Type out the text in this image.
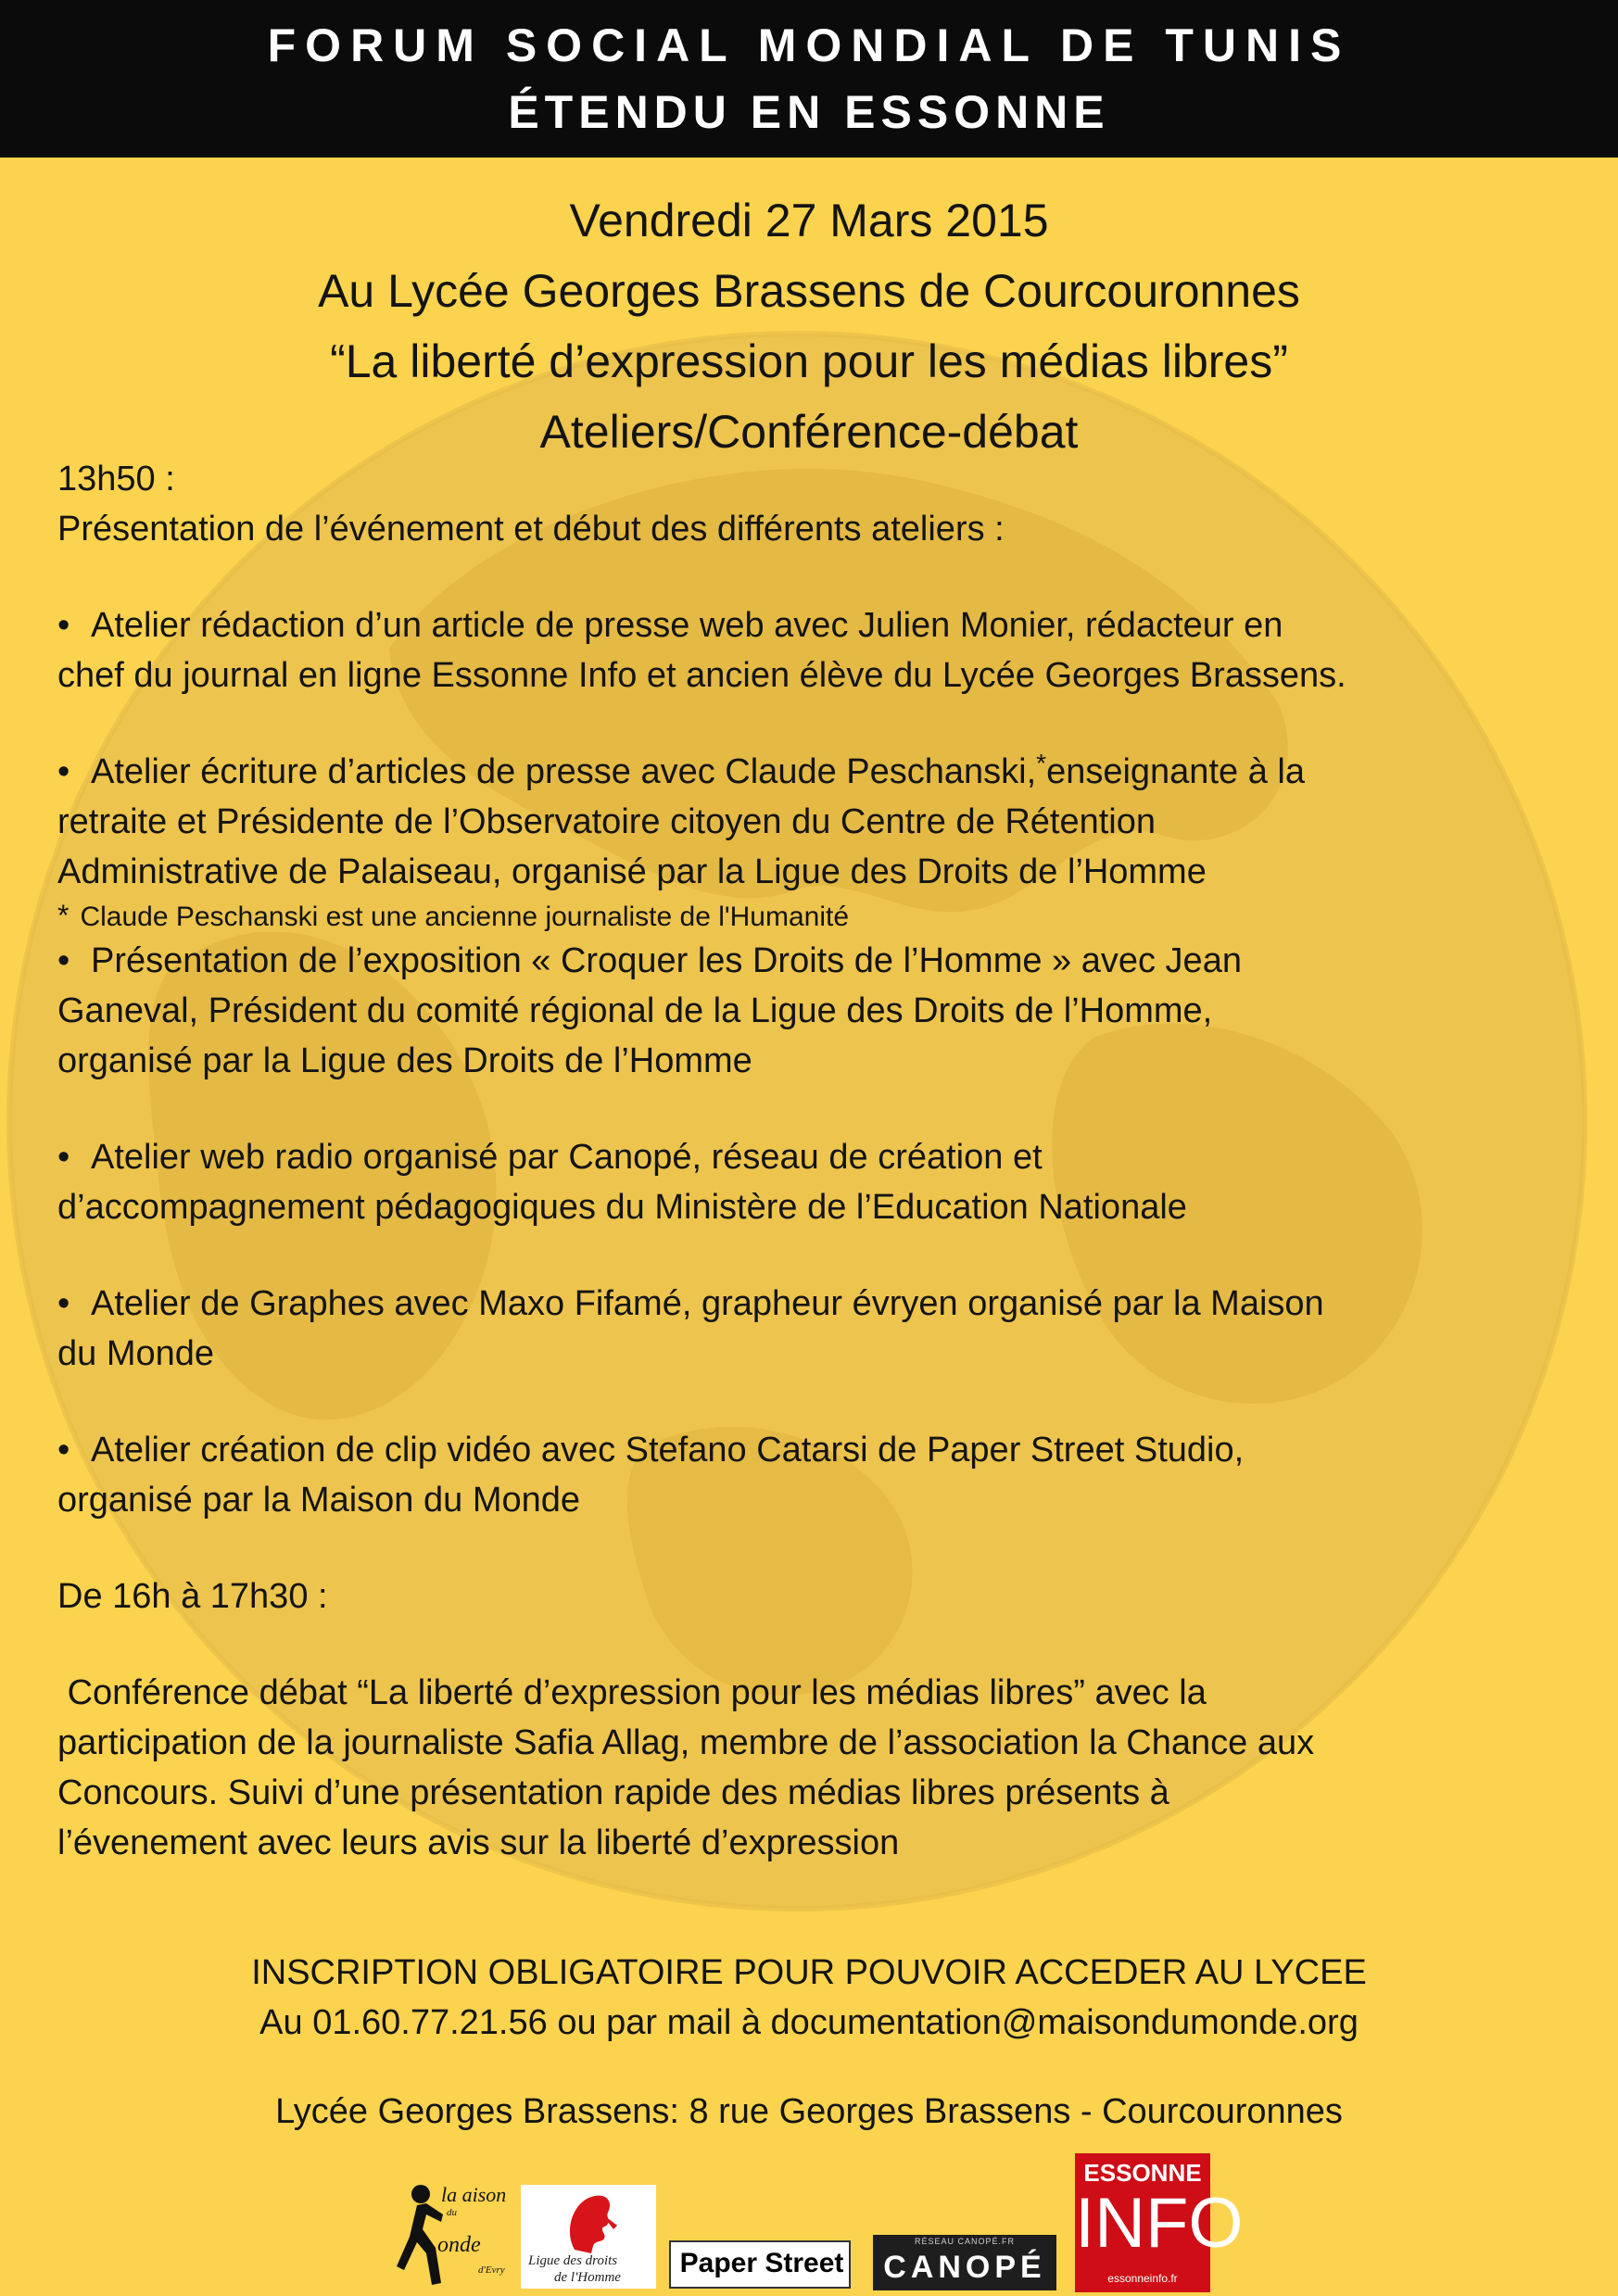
FORUM SOCIAL MONDIAL DE TUNIS
ÉTENDU EN ESSONNE
Vendredi 27 Mars 2015
Au Lycée Georges Brassens de Courcouronnes
“La liberté d’expression pour les médias libres”
Ateliers/Conférence-débat

13h50 :

Présentation de l’événement et début des différents ateliers :

• Atelier rédaction d’un article de presse web avec Julien Monier, rédacteur en

chef du journal en ligne Essonne Info et ancien élève du Lycée Georges Brassens.

• Atelier écriture d’articles de presse avec Claude Peschanski,*enseignante à la

retraite et Présidente de l’Observatoire citoyen du Centre de Rétention

Administrative de Palaiseau, organisé par la Ligue des Droits de l’Homme

* Claude Peschanski est une ancienne journaliste de l'Humanité

• Présentation de l’exposition « Croquer les Droits de l’Homme » avec Jean

Ganeval, Président du comité régional de la Ligue des Droits de l’Homme,

organisé par la Ligue des Droits de l’Homme

• Atelier web radio organisé par Canopé, réseau de création et

d’accompagnement pédagogiques du Ministère de l’Education Nationale

• Atelier de Graphes avec Maxo Fifamé, grapheur évryen organisé par la Maison

du Monde

• Atelier création de clip vidéo avec Stefano Catarsi de Paper Street Studio,

organisé par la Maison du Monde

De 16h à 17h30 :

Conférence débat “La liberté d’expression pour les médias libres” avec la

participation de la journaliste Safia Allag, membre de l’association la Chance aux

Concours. Suivi d’une présentation rapide des médias libres présents à

l’évenement avec leurs avis sur la liberté d’expression

INSCRIPTION OBLIGATOIRE POUR POUVOIR ACCEDER AU LYCEE
Au 01.60.77.21.56 ou par mail à documentation@maisondumonde.org
Lycée Georges Brassens: 8 rue Georges Brassens - Courcouronnes
la aison
du
onde
d'Evry
Ligue des droits
de l'Homme	Paper Street
RÉSEAU CANOPÉ.FR
CANOPÉ
ESSONNE
INFO
essonneinfo.fr
